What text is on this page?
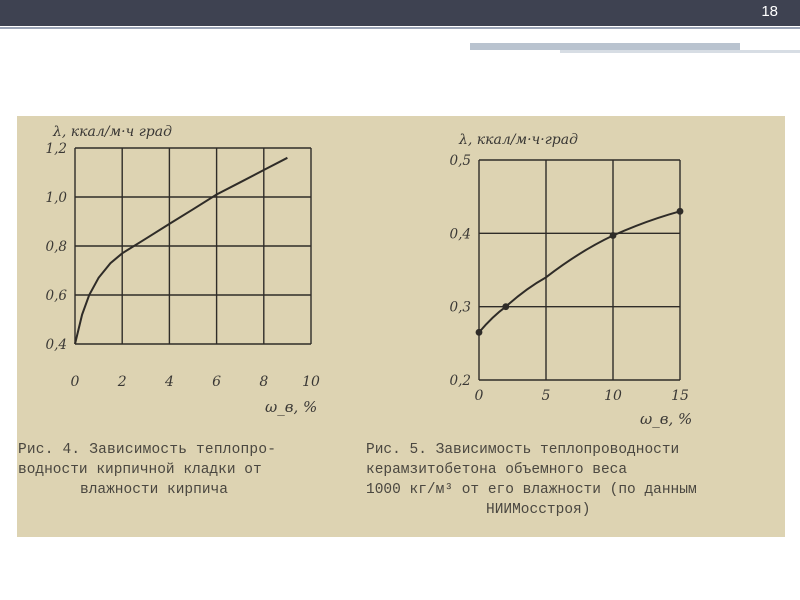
18
0	2	4	6	8 10
1,2
1,0
0,8
0,6
0,4
λ, ккал/м·ч град
ω_в, %
0	5	10	15
0,5
0,4
0,3
0,2
λ, ккал/м·ч·град
ω_в, %
Рис. 4. Зависимость теплопро-
водности кирпичной кладки от
влажности кирпича
Рис. 5. Зависимость теплопроводности
керамзитобетона объемного веса
1000 кг/м³ от его влажности (по данным
НИИМосстроя)
